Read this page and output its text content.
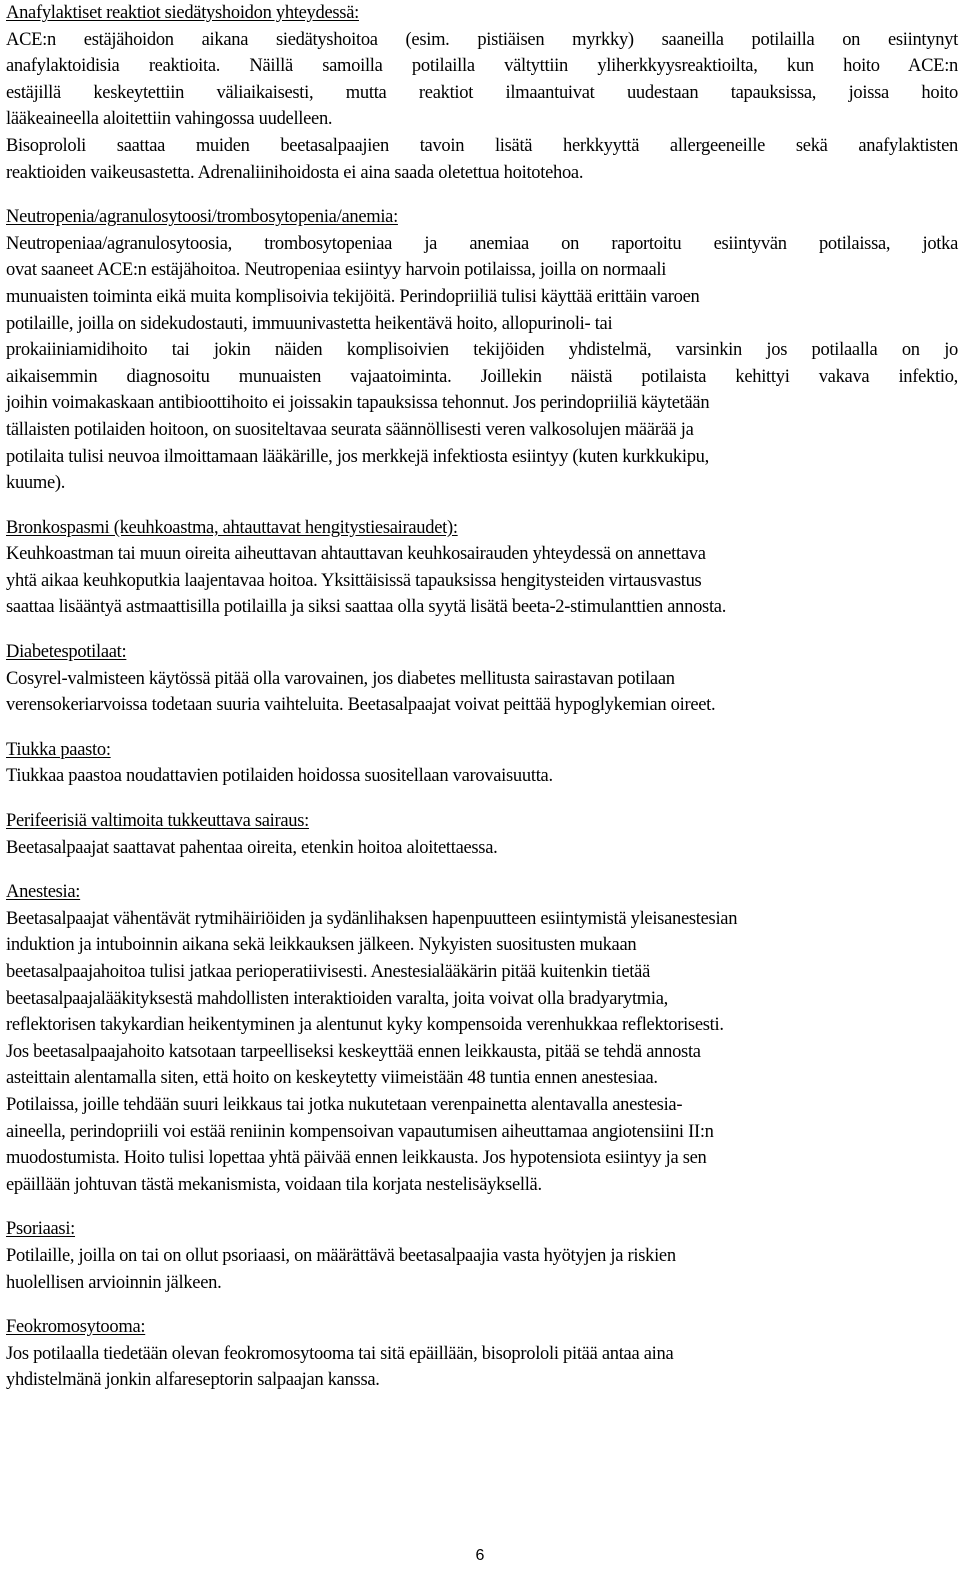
Anafylaktiset reaktiot siedätyshoidon yhteydessä:
ACE:n estäjähoidon aikana siedätyshoitoa (esim. pistiäisen myrkky) saaneilla potilailla on esiintynyt
anafylaktoidisia reaktioita. Näillä samoilla potilailla vältyttiin yliherkkyysreaktioilta, kun hoito ACE:n
estäjillä keskeytettiin väliaikaisesti, mutta reaktiot ilmaantuivat uudestaan tapauksissa, joissa hoito
lääkeaineella aloitettiin vahingossa uudelleen.
Bisoprololi saattaa muiden beetasalpaajien tavoin lisätä herkkyyttä allergeeneille sekä anafylaktisten
reaktioiden vaikeusastetta. Adrenaliinihoidosta ei aina saada oletettua hoitotehoa.
Neutropenia/agranulosytoosi/trombosytopenia/anemia:
Neutropeniaa/agranulosytoosia, trombosytopeniaa ja anemiaa on raportoitu esiintyvän potilaissa, jotka
ovat saaneet ACE:n estäjähoitoa. Neutropeniaa esiintyy harvoin potilaissa, joilla on normaali
munuaisten toiminta eikä muita komplisoivia tekijöitä. Perindopriiliä tulisi käyttää erittäin varoen
potilaille, joilla on sidekudostauti, immuunivastetta heikentävä hoito, allopurinoli- tai
prokaiiniamidihoito tai jokin näiden komplisoivien tekijöiden yhdistelmä, varsinkin jos potilaalla on jo
aikaisemmin diagnosoitu munuaisten vajaatoiminta. Joillekin näistä potilaista kehittyi vakava infektio,
joihin voimakaskaan antibioottihoito ei joissakin tapauksissa tehonnut. Jos perindopriiliä käytetään
tällaisten potilaiden hoitoon, on suositeltavaa seurata säännöllisesti veren valkosolujen määrää ja
potilaita tulisi neuvoa ilmoittamaan lääkärille, jos merkkejä infektiosta esiintyy (kuten kurkkukipu,
kuume).
Bronkospasmi (keuhkoastma, ahtauttavat hengitystiesairaudet):
Keuhkoastman tai muun oireita aiheuttavan ahtauttavan keuhkosairauden yhteydessä on annettava
yhtä aikaa keuhkoputkia laajentavaa hoitoa. Yksittäisissä tapauksissa hengitysteiden virtausvastus
saattaa lisääntyä astmaattisilla potilailla ja siksi saattaa olla syytä lisätä beeta-2-stimulanttien annosta.
Diabetespotilaat:
Cosyrel-valmisteen käytössä pitää olla varovainen, jos diabetes mellitusta sairastavan potilaan
verensokeriarvoissa todetaan suuria vaihteluita. Beetasalpaajat voivat peittää hypoglykemian oireet.
Tiukka paasto:
Tiukkaa paastoa noudattavien potilaiden hoidossa suositellaan varovaisuutta.
Perifeerisiä valtimoita tukkeuttava sairaus:
Beetasalpaajat saattavat pahentaa oireita, etenkin hoitoa aloitettaessa.
Anestesia:
Beetasalpaajat vähentävät rytmihäiriöiden ja sydänlihaksen hapenpuutteen esiintymistä yleisanestesian
induktion ja intuboinnin aikana sekä leikkauksen jälkeen. Nykyisten suositusten mukaan
beetasalpaajahoitoa tulisi jatkaa perioperatiivisesti. Anestesialääkärin pitää kuitenkin tietää
beetasalpaajalääkityksestä mahdollisten interaktioiden varalta, joita voivat olla bradyarytmia,
reflektorisen takykardian heikentyminen ja alentunut kyky kompensoida verenhukkaa reflektorisesti.
Jos beetasalpaajahoito katsotaan tarpeelliseksi keskeyttää ennen leikkausta, pitää se tehdä annosta
asteittain alentamalla siten, että hoito on keskeytetty viimeistään 48 tuntia ennen anestesiaa.
Potilaissa, joille tehdään suuri leikkaus tai jotka nukutetaan verenpainetta alentavalla anestesia-
aineella, perindopriili voi estää reniinin kompensoivan vapautumisen aiheuttamaa angiotensiini II:n
muodostumista. Hoito tulisi lopettaa yhtä päivää ennen leikkausta. Jos hypotensiota esiintyy ja sen
epäillään johtuvan tästä mekanismista, voidaan tila korjata nestelisäyksellä.
Psoriaasi:
Potilaille, joilla on tai on ollut psoriaasi, on määrättävä beetasalpaajia vasta hyötyjen ja riskien
huolellisen arvioinnin jälkeen.
Feokromosytooma:
Jos potilaalla tiedetään olevan feokromosytooma tai sitä epäillään, bisoprololi pitää antaa aina
yhdistelmänä jonkin alfareseptorin salpaajan kanssa.
6
